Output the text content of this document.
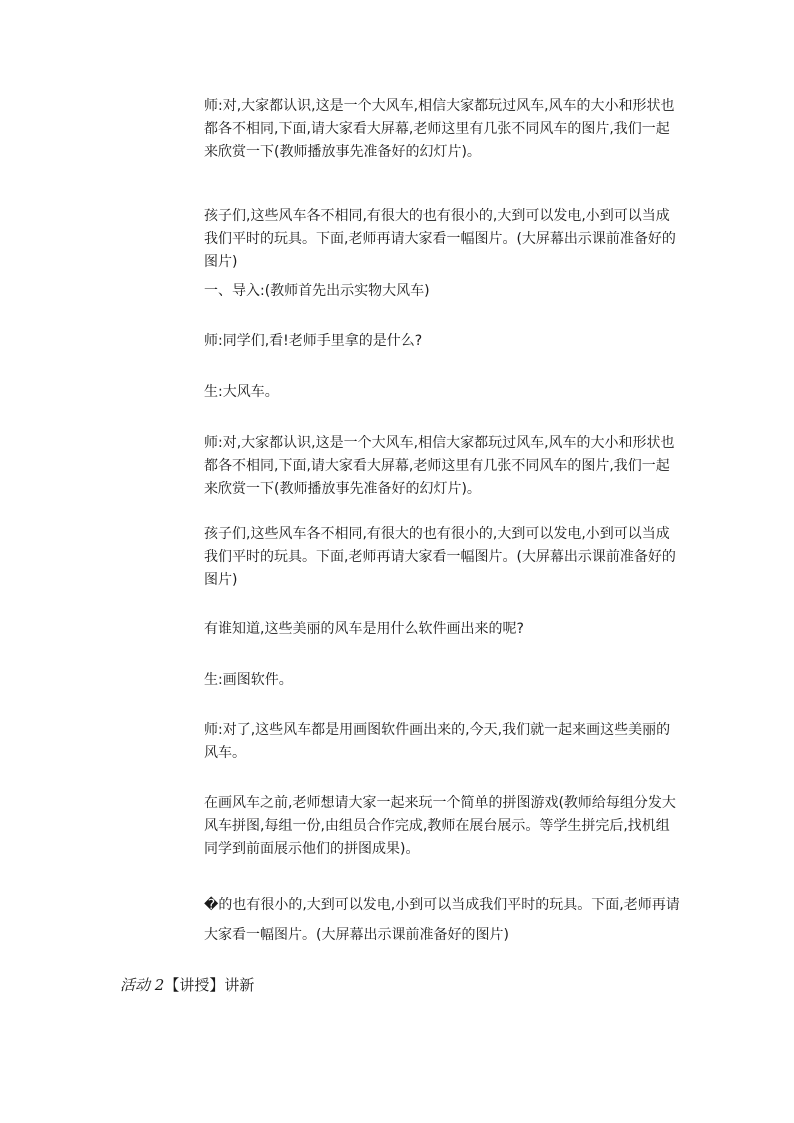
师:对,大家都认识,这是一个大风车,相信大家都玩过风车,风车的大小和形状也
都各不相同,下面,请大家看大屏幕,老师这里有几张不同风车的图片,我们一起
来欣赏一下(教师播放事先准备好的幻灯片)。

孩子们,这些风车各不相同,有很大的也有很小的,大到可以发电,小到可以当成
我们平时的玩具。下面,老师再请大家看一幅图片。(大屏幕出示课前准备好的
图片)

一、导入:(教师首先出示实物大风车)

师:同学们,看!老师手里拿的是什么?

生:大风车。

师:对,大家都认识,这是一个大风车,相信大家都玩过风车,风车的大小和形状也
都各不相同,下面,请大家看大屏幕,老师这里有几张不同风车的图片,我们一起
来欣赏一下(教师播放事先准备好的幻灯片)。

孩子们,这些风车各不相同,有很大的也有很小的,大到可以发电,小到可以当成
我们平时的玩具。下面,老师再请大家看一幅图片。(大屏幕出示课前准备好的
图片)

有谁知道,这些美丽的风车是用什么软件画出来的呢?

生:画图软件。

师:对了,这些风车都是用画图软件画出来的,今天,我们就一起来画这些美丽的
风车。

在画风车之前,老师想请大家一起来玩一个简单的拼图游戏(教师给每组分发大
风车拼图,每组一份,由组员合作完成,教师在展台展示。等学生拼完后,找机组
同学到前面展示他们的拼图成果)。

�的也有很小的,大到可以发电,小到可以当成我们平时的玩具。下面,老师再请
大家看一幅图片。(大屏幕出示课前准备好的图片)

活动 2【讲授】讲新
